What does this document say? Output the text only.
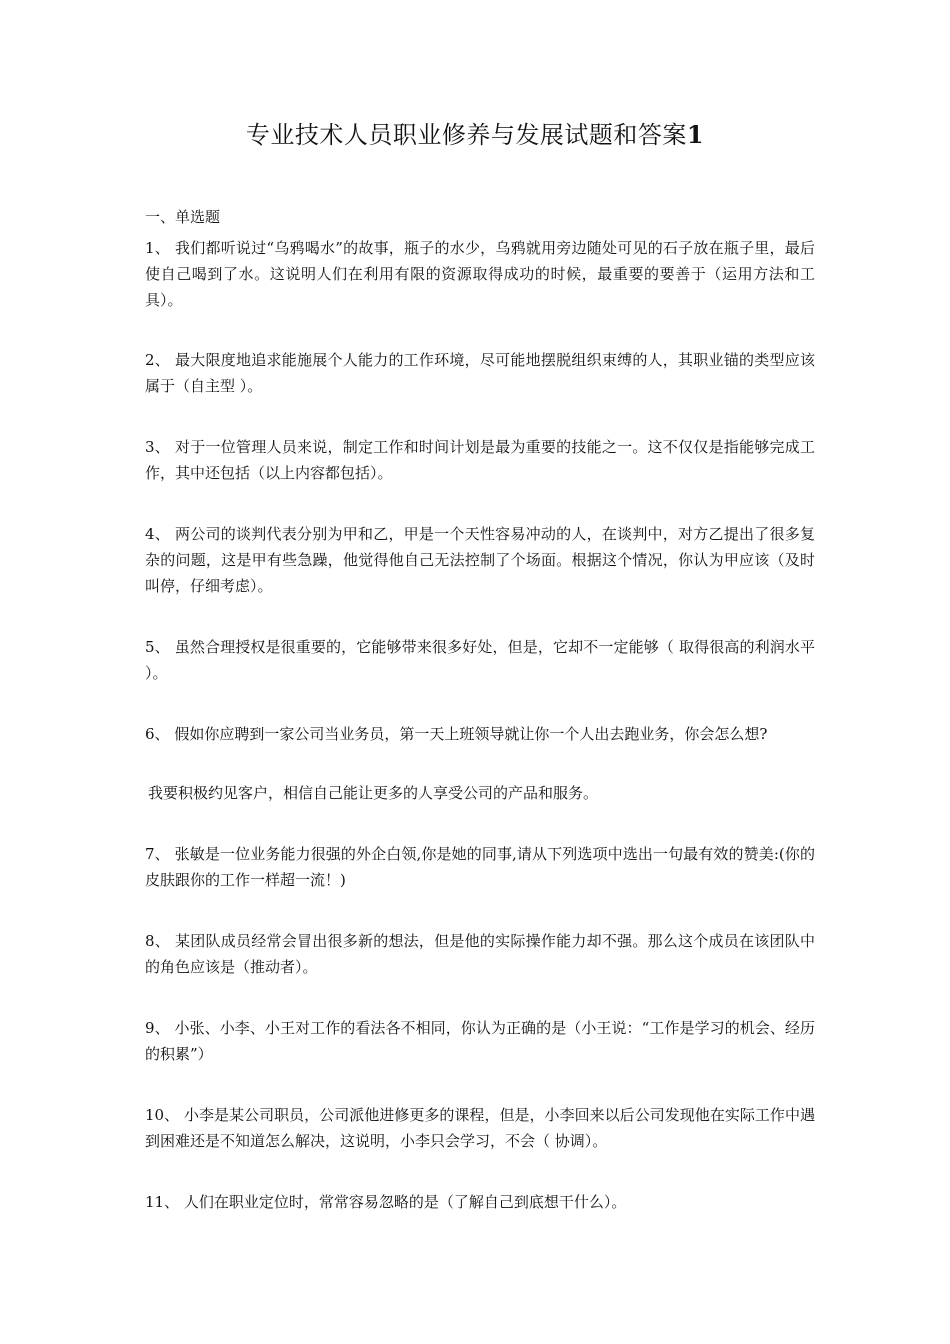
专业技术人员职业修养与发展试题和答案1
一、单选题
1、 我们都听说过“乌鸦喝水”的故事，瓶子的水少，乌鸦就用旁边随处可见的石子放在瓶子里，最后使自己喝到了水。这说明人们在利用有限的资源取得成功的时候，最重要的要善于（运用方法和工具）。
2、 最大限度地追求能施展个人能力的工作环境，尽可能地摆脱组织束缚的人，其职业锚的类型应该属于（自主型 ）。
3、 对于一位管理人员来说，制定工作和时间计划是最为重要的技能之一。这不仅仅是指能够完成工作，其中还包括（以上内容都包括）。
4、 两公司的谈判代表分别为甲和乙，甲是一个天性容易冲动的人，在谈判中，对方乙提出了很多复杂的问题，这是甲有些急躁，他觉得他自己无法控制了个场面。根据这个情况，你认为甲应该（及时叫停，仔细考虑）。
5、 虽然合理授权是很重要的，它能够带来很多好处，但是，它却不一定能够（ 取得很高的利润水平 ）。
6、 假如你应聘到一家公司当业务员，第一天上班领导就让你一个人出去跑业务，你会怎么想?
我要积极约见客户，相信自己能让更多的人享受公司的产品和服务。
7、 张敏是一位业务能力很强的外企白领,你是她的同事,请从下列选项中选出一句最有效的赞美:(你的皮肤跟你的工作一样超一流！)
8、 某团队成员经常会冒出很多新的想法，但是他的实际操作能力却不强。那么这个成员在该团队中的角色应该是（推动者）。
9、 小张、小李、小王对工作的看法各不相同，你认为正确的是（小王说：“工作是学习的机会、经历的积累”）
10、 小李是某公司职员，公司派他进修更多的课程，但是，小李回来以后公司发现他在实际工作中遇到困难还是不知道怎么解决，这说明，小李只会学习，不会（ 协调）。
11、 人们在职业定位时，常常容易忽略的是（了解自己到底想干什么）。
